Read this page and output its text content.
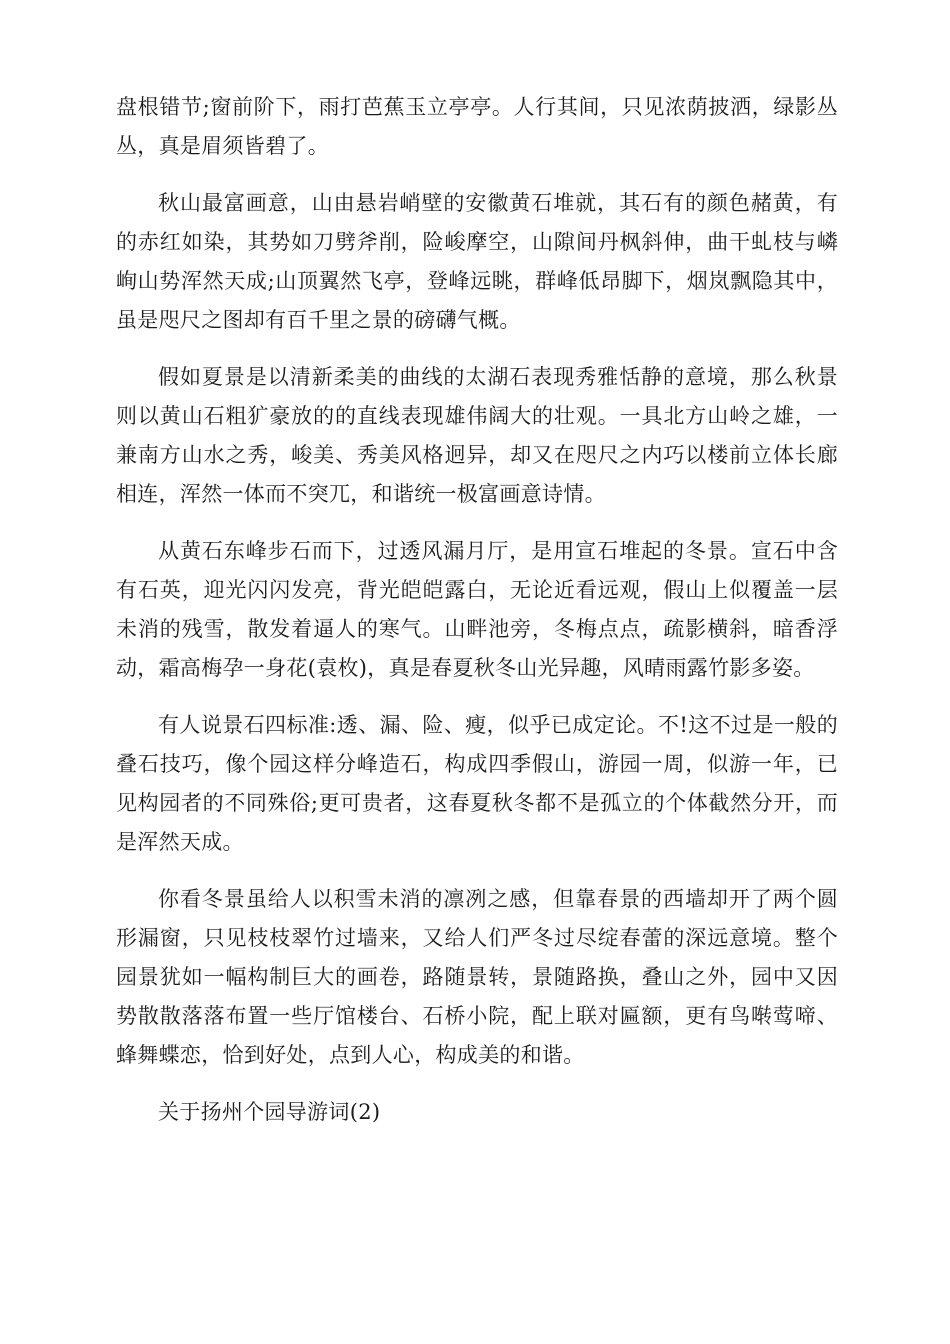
盘根错节;窗前阶下，雨打芭蕉玉立亭亭。人行其间，只见浓荫披洒，绿影丛丛，真是眉须皆碧了。

秋山最富画意，山由悬岩峭壁的安徽黄石堆就，其石有的颜色赭黄，有的赤红如染，其势如刀劈斧削，险峻摩空，山隙间丹枫斜伸，曲干虬枝与嶙峋山势浑然天成;山顶翼然飞亭，登峰远眺，群峰低昂脚下，烟岚飘隐其中，虽是咫尺之图却有百千里之景的磅礴气概。

假如夏景是以清新柔美的曲线的太湖石表现秀雅恬静的意境，那么秋景则以黄山石粗犷豪放的的直线表现雄伟阔大的壮观。一具北方山岭之雄，一兼南方山水之秀，峻美、秀美风格迥异，却又在咫尺之内巧以楼前立体长廊相连，浑然一体而不突兀，和谐统一极富画意诗情。

从黄石东峰步石而下，过透风漏月厅，是用宣石堆起的冬景。宣石中含有石英，迎光闪闪发亮，背光皑皑露白，无论近看远观，假山上似覆盖一层未消的残雪，散发着逼人的寒气。山畔池旁，冬梅点点，疏影横斜，暗香浮动，霜高梅孕一身花(袁枚)，真是春夏秋冬山光异趣，风晴雨露竹影多姿。

有人说景石四标准:透、漏、险、瘦，似乎已成定论。不!这不过是一般的叠石技巧，像个园这样分峰造石，构成四季假山，游园一周，似游一年，已见构园者的不同殊俗;更可贵者，这春夏秋冬都不是孤立的个体截然分开，而是浑然天成。

你看冬景虽给人以积雪未消的凛冽之感，但靠春景的西墙却开了两个圆形漏窗，只见枝枝翠竹过墙来，又给人们严冬过尽绽春蕾的深远意境。整个园景犹如一幅构制巨大的画卷，路随景转，景随路换，叠山之外，园中又因势散散落落布置一些厅馆楼台、石桥小院，配上联对匾额，更有鸟啭莺啼、蜂舞蝶恋，恰到好处，点到人心，构成美的和谐。

关于扬州个园导游词(2)
